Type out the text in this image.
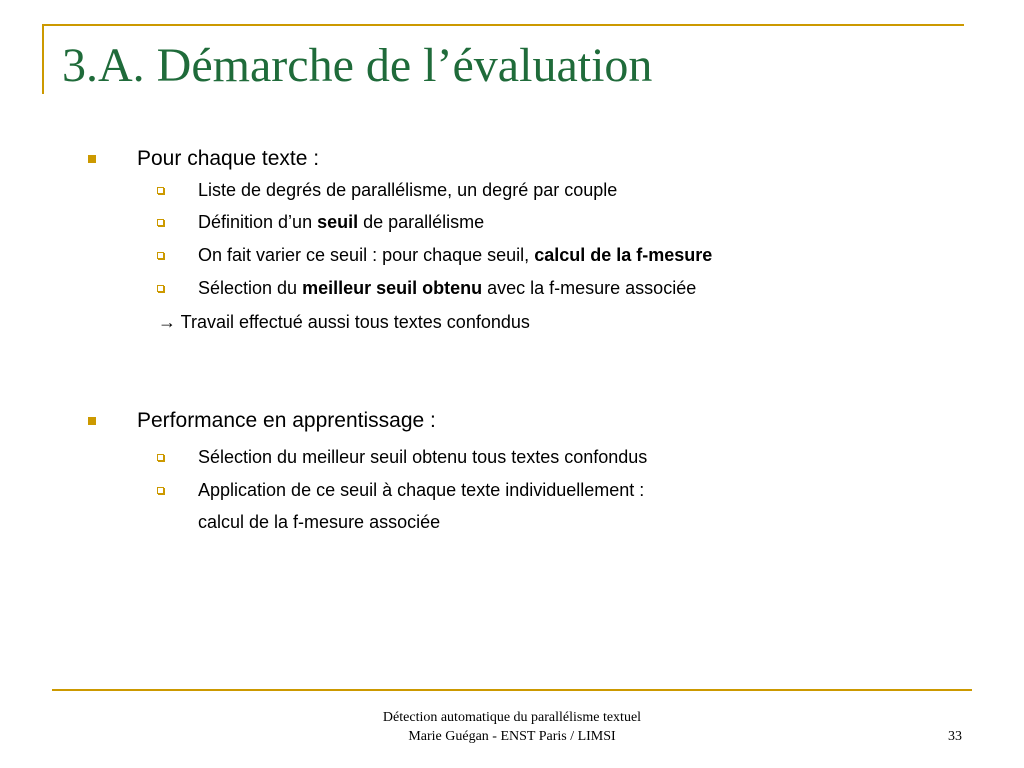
3.A. Démarche de l’évaluation
Pour chaque texte :
Liste de degrés de parallélisme, un degré par couple
Définition d’un seuil de parallélisme
On fait varier ce seuil : pour chaque seuil, calcul de la f-mesure
Sélection du meilleur seuil obtenu avec la f-mesure associée
→ Travail effectué aussi tous textes confondus
Performance en apprentissage :
Sélection du meilleur seuil obtenu tous textes confondus
Application de ce seuil à chaque texte individuellement :
calcul de la f-mesure associée
Détection automatique du parallélisme textuel
Marie Guégan - ENST Paris / LIMSI	33
